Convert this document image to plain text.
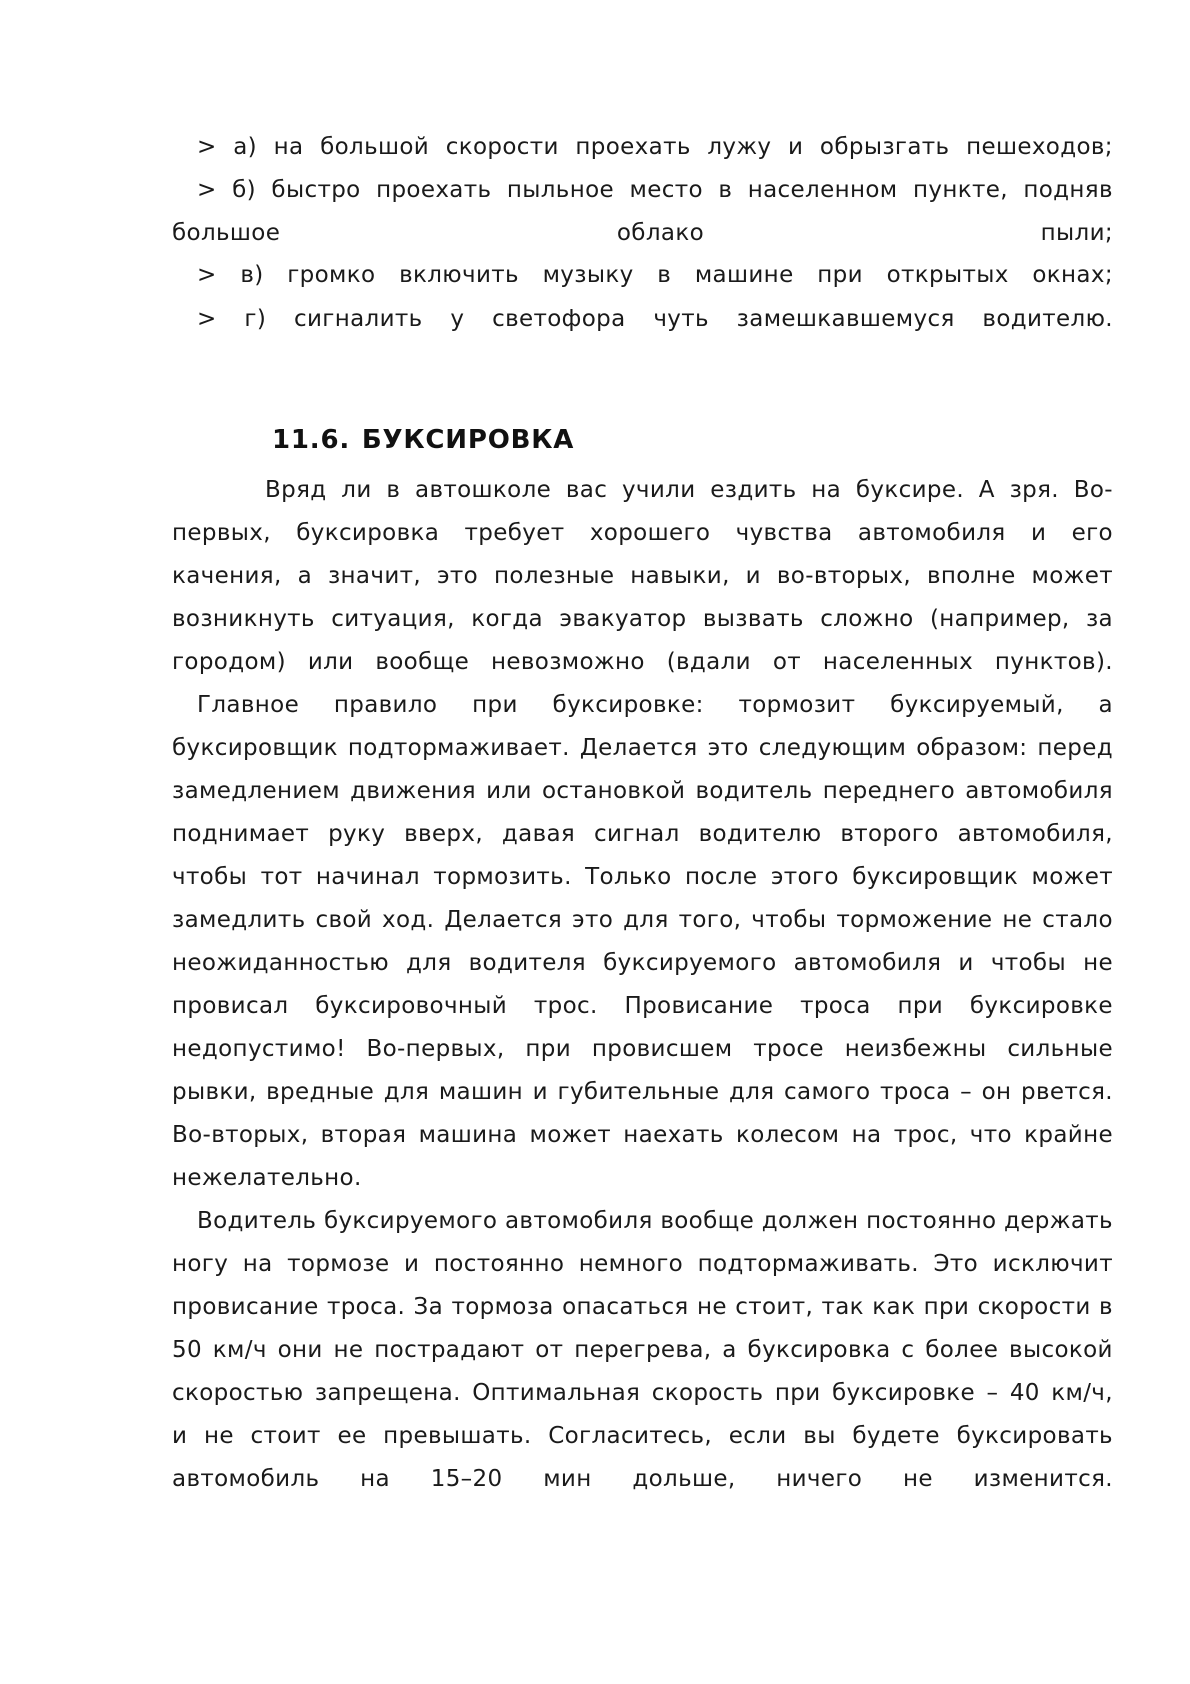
> а) на большой скорости проехать лужу и обрызгать пешеходов;
> б) быстро проехать пыльное место в населенном пункте, подняв
большое	облако	пыли;
> в) громко включить музыку в машине при открытых окнах;
> г) сигналить у светофора чуть замешкавшемуся водителю.
11.6. БУКСИРОВКА
Вряд ли в автошколе вас учили ездить на буксире. А зря. Во-
первых, буксировка требует хорошего чувства автомобиля и его
качения, а значит, это полезные навыки, и во-вторых, вполне может
возникнуть ситуация, когда эвакуатор вызвать сложно (например, за
городом) или вообще невозможно (вдали от населенных пунктов).
Главное правило при буксировке: тормозит буксируемый, а
буксировщик подтормаживает. Делается это следующим образом: перед
замедлением движения или остановкой водитель переднего автомобиля
поднимает руку вверх, давая сигнал водителю второго автомобиля,
чтобы тот начинал тормозить. Только после этого буксировщик может
замедлить свой ход. Делается это для того, чтобы торможение не стало
неожиданностью для водителя буксируемого автомобиля и чтобы не
провисал буксировочный трос. Провисание троса при буксировке
недопустимо! Во-первых, при провисшем тросе неизбежны сильные
рывки, вредные для машин и губительные для самого троса – он рвется.
Во-вторых, вторая машина может наехать колесом на трос, что крайне
нежелательно.
Водитель буксируемого автомобиля вообще должен постоянно держать
ногу на тормозе и постоянно немного подтормаживать. Это исключит
провисание троса. За тормоза опасаться не стоит, так как при скорости в
50 км/ч они не пострадают от перегрева, а буксировка с более высокой
скоростью запрещена. Оптимальная скорость при буксировке – 40 км/ч,
и не стоит ее превышать. Согласитесь, если вы будете буксировать
автомобиль на 15–20 мин дольше, ничего не изменится.
